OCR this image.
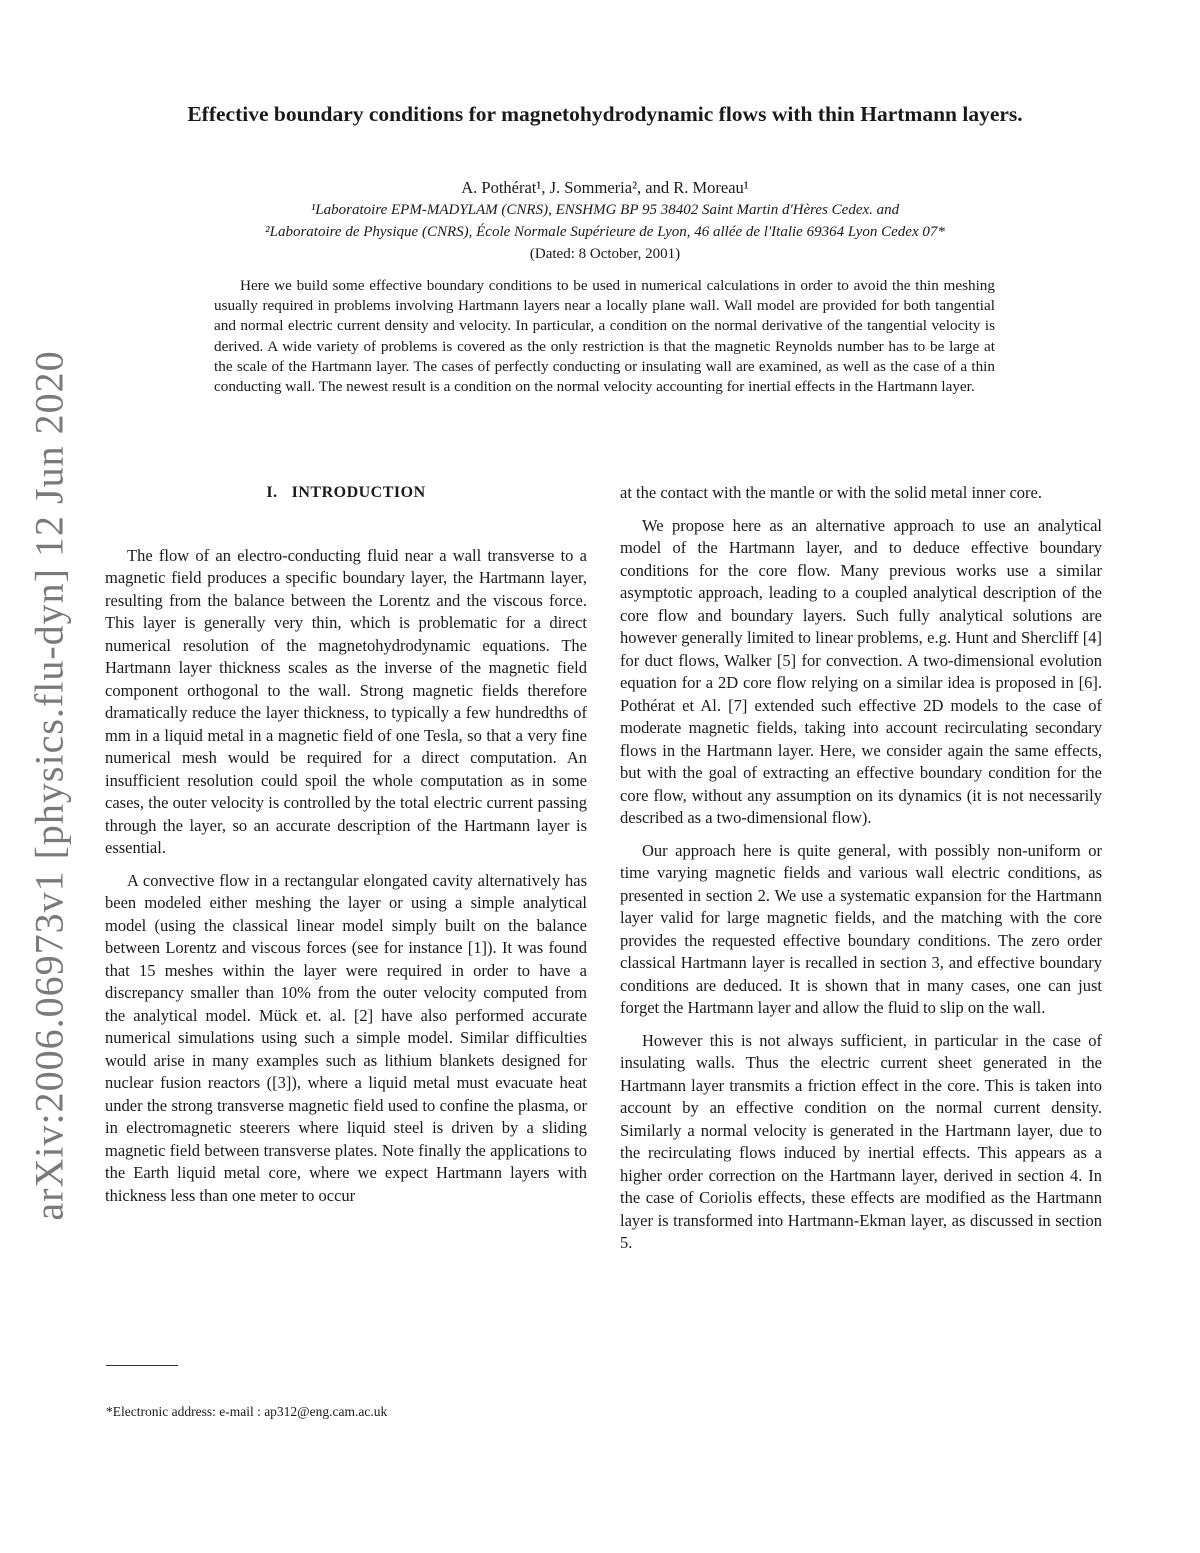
arXiv:2006.06973v1 [physics.flu-dyn] 12 Jun 2020
Effective boundary conditions for magnetohydrodynamic flows with thin Hartmann layers.
A. Pothérat¹, J. Sommeria², and R. Moreau¹
¹Laboratoire EPM-MADYLAM (CNRS), ENSHMG BP 95 38402 Saint Martin d'Hères Cedex. and
²Laboratoire de Physique (CNRS), École Normale Supérieure de Lyon, 46 allée de l'Italie 69364 Lyon Cedex 07*
(Dated: 8 October, 2001)

Here we build some effective boundary conditions to be used in numerical calculations in order to avoid the thin meshing usually required in problems involving Hartmann layers near a locally plane wall. Wall model are provided for both tangential and normal electric current density and velocity. In particular, a condition on the normal derivative of the tangential velocity is derived. A wide variety of problems is covered as the only restriction is that the magnetic Reynolds number has to be large at the scale of the Hartmann layer. The cases of perfectly conducting or insulating wall are examined, as well as the case of a thin conducting wall. The newest result is a condition on the normal velocity accounting for inertial effects in the Hartmann layer.

I. INTRODUCTION

The flow of an electro-conducting fluid near a wall transverse to a magnetic field produces a specific boundary layer, the Hartmann layer, resulting from the balance between the Lorentz and the viscous force. This layer is generally very thin, which is problematic for a direct numerical resolution of the magnetohydrodynamic equations. The Hartmann layer thickness scales as the inverse of the magnetic field component orthogonal to the wall. Strong magnetic fields therefore dramatically reduce the layer thickness, to typically a few hundredths of mm in a liquid metal in a magnetic field of one Tesla, so that a very fine numerical mesh would be required for a direct computation. An insufficient resolution could spoil the whole computation as in some cases, the outer velocity is controlled by the total electric current passing through the layer, so an accurate description of the Hartmann layer is essential.

A convective flow in a rectangular elongated cavity alternatively has been modeled either meshing the layer or using a simple analytical model (using the classical linear model simply built on the balance between Lorentz and viscous forces (see for instance [1]). It was found that 15 meshes within the layer were required in order to have a discrepancy smaller than 10% from the outer velocity computed from the analytical model. Mück et. al. [2] have also performed accurate numerical simulations using such a simple model. Similar difficulties would arise in many examples such as lithium blankets designed for nuclear fusion reactors ([3]), where a liquid metal must evacuate heat under the strong transverse magnetic field used to confine the plasma, or in electromagnetic steerers where liquid steel is driven by a sliding magnetic field between transverse plates. Note finally the applications to the Earth liquid metal core, where we expect Hartmann layers with thickness less than one meter to occur

at the contact with the mantle or with the solid metal inner core.

We propose here as an alternative approach to use an analytical model of the Hartmann layer, and to deduce effective boundary conditions for the core flow. Many previous works use a similar asymptotic approach, leading to a coupled analytical description of the core flow and boundary layers. Such fully analytical solutions are however generally limited to linear problems, e.g. Hunt and Shercliff [4] for duct flows, Walker [5] for convection. A two-dimensional evolution equation for a 2D core flow relying on a similar idea is proposed in [6]. Pothérat et Al. [7] extended such effective 2D models to the case of moderate magnetic fields, taking into account recirculating secondary flows in the Hartmann layer. Here, we consider again the same effects, but with the goal of extracting an effective boundary condition for the core flow, without any assumption on its dynamics (it is not necessarily described as a two-dimensional flow).

Our approach here is quite general, with possibly non-uniform or time varying magnetic fields and various wall electric conditions, as presented in section 2. We use a systematic expansion for the Hartmann layer valid for large magnetic fields, and the matching with the core provides the requested effective boundary conditions. The zero order classical Hartmann layer is recalled in section 3, and effective boundary conditions are deduced. It is shown that in many cases, one can just forget the Hartmann layer and allow the fluid to slip on the wall.

However this is not always sufficient, in particular in the case of insulating walls. Thus the electric current sheet generated in the Hartmann layer transmits a friction effect in the core. This is taken into account by an effective condition on the normal current density. Similarly a normal velocity is generated in the Hartmann layer, due to the recirculating flows induced by inertial effects. This appears as a higher order correction on the Hartmann layer, derived in section 4. In the case of Coriolis effects, these effects are modified as the Hartmann layer is transformed into Hartmann-Ekman layer, as discussed in section 5.

*Electronic address: e-mail : ap312@eng.cam.ac.uk
